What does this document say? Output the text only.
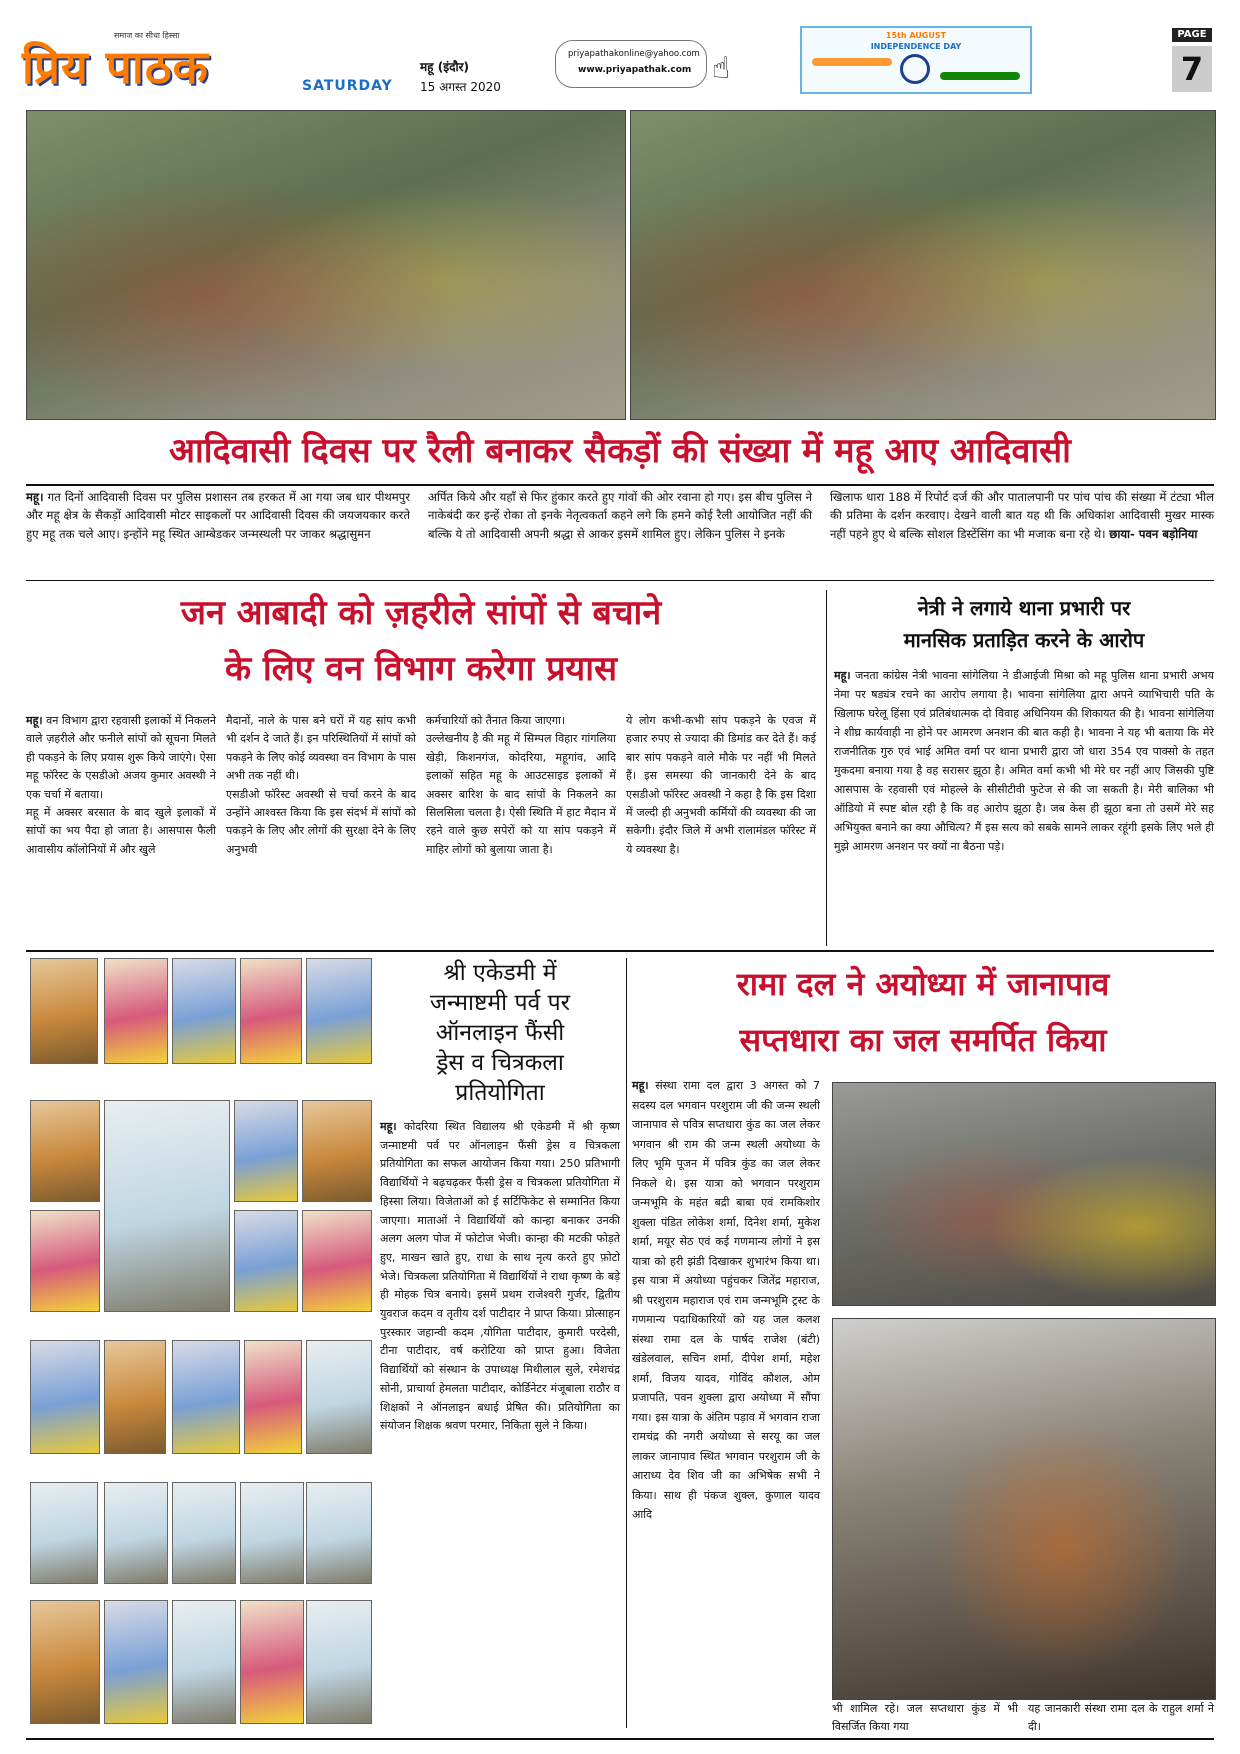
समाज का सीधा हिस्सा
प्रिय पाठक	SATURDAY
महू (इंदौर)
15 अगस्त 2020
priyapathakonline@yahoo.com
www.priyapathak.com ☝
15th AUGUST
INDEPENDENCE DAY
PAGE
7
आदिवासी दिवस पर रैली बनाकर सैकड़ों की संख्या में महू आए आदिवासी
महू। गत दिनों आदिवासी दिवस पर पुलिस प्रशासन तब हरकत में आ गया जब धार पीथमपुर और महू क्षेत्र के सैकड़ों आदिवासी मोटर साइकलों पर आदिवासी दिवस की जयजयकार करते हुए महू तक चले आए। इन्होंने महू स्थित आम्बेडकर जन्मस्थली पर जाकर श्रद्धासुमन
अर्पित किये और यहाँ से फिर हुंकार करते हुए गांवों की ओर रवाना हो गए। इस बीच पुलिस ने नाकेबंदी कर इन्हें रोका तो इनके नेतृत्वकर्ता कहने लगे कि हमने कोई रैली आयोजित नहीं की बल्कि ये तो आदिवासी अपनी श्रद्धा से आकर इसमें शामिल हुए। लेकिन पुलिस ने इनके
खिलाफ धारा 188 में रिपोर्ट दर्ज की और पातालपानी पर पांच पांच की संख्या में टंट्या भील की प्रतिमा के दर्शन करवाए। देखने वाली बात यह थी कि अधिकांश आदिवासी मुखर मास्क नहीं पहने हुए थे बल्कि सोशल डिस्टेंसिंग का भी मजाक बना रहे थे। छाया- पवन बड़ोनिया
जन आबादी को ज़हरीले सांपों से बचाने
के लिए वन विभाग करेगा प्रयास
महू। वन विभाग द्वारा रहवासी इलाकों में निकलने वाले ज़हरीले और फनीले सांपों को सूचना मिलते ही पकड़ने के लिए प्रयास शुरू किये जाएंगे। ऐसा महू फॉरेस्ट के एसडीओ अजय कुमार अवस्थी ने एक चर्चा में बताया।
महू में अक्सर बरसात के बाद खुले इलाकों में सांपों का भय पैदा हो जाता है। आसपास फैली आवासीय कॉलोनियों में और खुले
मैदानों, नाले के पास बने घरों में यह सांप कभी भी दर्शन दे जाते हैं। इन परिस्थितियों में सांपों को पकड़ने के लिए कोई व्यवस्था वन विभाग के पास अभी तक नहीं थी।
एसडीओ फॉरेस्ट अवस्थी से चर्चा करने के बाद उन्होंने आश्वस्त किया कि इस संदर्भ में सांपों को पकड़ने के लिए और लोगों की सुरक्षा देने के लिए अनुभवी
कर्मचारियों को तैनात किया जाएगा।
उल्लेखनीय है की महू में सिम्पल विहार गांगलिया खेड़ी, किशनगंज, कोदरिया, महूगांव, आदि इलाकों सहित महू के आउटसाइड इलाकों में अक्सर बारिश के बाद सांपों के निकलने का सिलसिला चलता है। ऐसी स्थिति में हाट मैदान में रहने वाले कुछ सपेरों को या सांप पकड़ने में माहिर लोगों को बुलाया जाता है।
ये लोग कभी-कभी सांप पकड़ने के एवज में हजार रुपए से ज्यादा की डिमांड कर देते हैं। कई बार सांप पकड़ने वाले मौके पर नहीं भी मिलते हैं। इस समस्या की जानकारी देने के बाद एसडीओ फॉरेस्ट अवस्थी ने कहा है कि इस दिशा में जल्दी ही अनुभवी कर्मियों की व्यवस्था की जा सकेगी। इंदौर जिले में अभी रालामंडल फॉरेस्ट में ये व्यवस्था है।
नेत्री ने लगाये थाना प्रभारी पर
मानसिक प्रताड़ित करने के आरोप
महू। जनता कांग्रेस नेत्री भावना सांगेलिया ने डीआईजी मिश्रा को महू पुलिस थाना प्रभारी अभय नेमा पर षड्यंत्र रचने का आरोप लगाया है। भावना सांगेलिया द्वारा अपने व्याभिचारी पति के खिलाफ घरेलू हिंसा एवं प्रतिबंधात्मक दो विवाह अधिनियम की शिकायत की है। भावना सांगेलिया ने शीघ्र कार्यवाही ना होने पर आमरण अनशन की बात कही है। भावना ने यह भी बताया कि मेरे राजनीतिक गुरु एवं भाई अमित वर्मा पर थाना प्रभारी द्वारा जो धारा 354 एव पाक्सो के तहत मुकदमा बनाया गया है वह सरासर झूठा है। अमित वर्मा कभी भी मेरे घर नहीं आए जिसकी पुष्टि आसपास के रहवासी एवं मोहल्ले के सीसीटीवी फुटेज से की जा सकती है। मेरी बालिका भी ऑडियो में स्पष्ट बोल रही है कि वह आरोप झूठा है। जब केस ही झूठा बना तो उसमें मेरे सह अभियुक्त बनाने का क्या औचित्य? मैं इस सत्य को सबके सामने लाकर रहूंगी इसके लिए भले ही मुझे आमरण अनशन पर क्यों ना बैठना पड़े।
श्री एकेडमी में
जन्माष्टमी पर्व पर
ऑनलाइन फैंसी
ड्रेस व चित्रकला
प्रतियोगिता
महू। कोदरिया स्थित विद्यालय श्री एकेडमी में श्री कृष्ण जन्माष्टमी पर्व पर ऑनलाइन फैंसी ड्रेस व चित्रकला प्रतियोगिता का सफल आयोजन किया गया। 250 प्रतिभागी विद्यार्थियों ने बढ़चढ़कर फैंसी ड्रेस व चित्रकला प्रतियोगिता में हिस्सा लिया। विजेताओं को ई सर्टिफिकेट से सम्मानित किया जाएगा। माताओं ने विद्यार्थियों को कान्हा बनाकर उनकी अलग अलग पोज में फोटोज भेजी। कान्हा की मटकी फोड़ते हुए, माखन खाते हुए, राधा के साथ नृत्य करते हुए फ़ोटो भेजे। चित्रकला प्रतियोगिता में विद्यार्थियों ने राधा कृष्ण के बड़े ही मोहक चित्र बनाये। इसमें प्रथम राजेश्वरी गुर्जर, द्वितीय युवराज कदम व तृतीय दर्श पाटीदार ने प्राप्त किया। प्रोत्साहन पुरस्कार जहान्वी कदम ,योगिता पाटीदार, कुमारी परदेसी, टीना पाटीदार, वर्ष करोटिया को प्राप्त हुआ। विजेता विद्यार्थियों को संस्थान के उपाध्यक्ष मिथीलाल सुले, रमेशचंद्र सोनी, प्राचार्या हेमलता पाटीदार, कोर्डिनेटर मंजूबाला राठौर व शिक्षकों ने ऑनलाइन बधाई प्रेषित की। प्रतियोगिता का संयोजन शिक्षक श्रवण परमार, निकिता सुले ने किया।
रामा दल ने अयोध्या में जानापाव
सप्तधारा का जल समर्पित किया
महू। संस्था रामा दल द्वारा 3 अगस्त को 7 सदस्य दल भगवान परशुराम जी की जन्म स्थली जानापाव से पवित्र सप्तधारा कुंड का जल लेकर भगवान श्री राम की जन्म स्थली अयोध्या के लिए भूमि पूजन में पवित्र कुंड का जल लेकर निकले थे। इस यात्रा को भगवान परशुराम जन्मभूमि के महंत बद्री बाबा एवं रामकिशोर शुक्ला पंडित लोकेश शर्मा, दिनेश शर्मा, मुकेश शर्मा, मयूर सेठ एवं कई गणमान्य लोगों ने इस यात्रा को हरी झंडी दिखाकर शुभारंभ किया था। इस यात्रा में अयोध्या पहुंचकर जितेंद्र महाराज, श्री परशुराम महाराज एवं राम जन्मभूमि ट्रस्ट के गणमान्य पदाधिकारियों को यह जल कलश संस्था रामा दल के पार्षद राजेश (बंटी) खंडेलवाल, सचिन शर्मा, दीपेश शर्मा, महेश शर्मा, विजय यादव, गोविंद कौशल, ओम प्रजापति, पवन शुक्ला द्वारा अयोध्या में सौंपा गया। इस यात्रा के अंतिम पड़ाव में भगवान राजा रामचंद्र की नगरी अयोध्या से सरयू का जल लाकर जानापाव स्थित भगवान परशुराम जी के आराध्य देव शिव जी का अभिषेक सभी ने किया। साथ ही पंकज शुक्ल, कुणाल यादव आदि
भी शामिल रहे। जल सप्तधारा कुंड में भी विसर्जित किया गया
यह जानकारी संस्था रामा दल के राहुल शर्मा ने दी।
